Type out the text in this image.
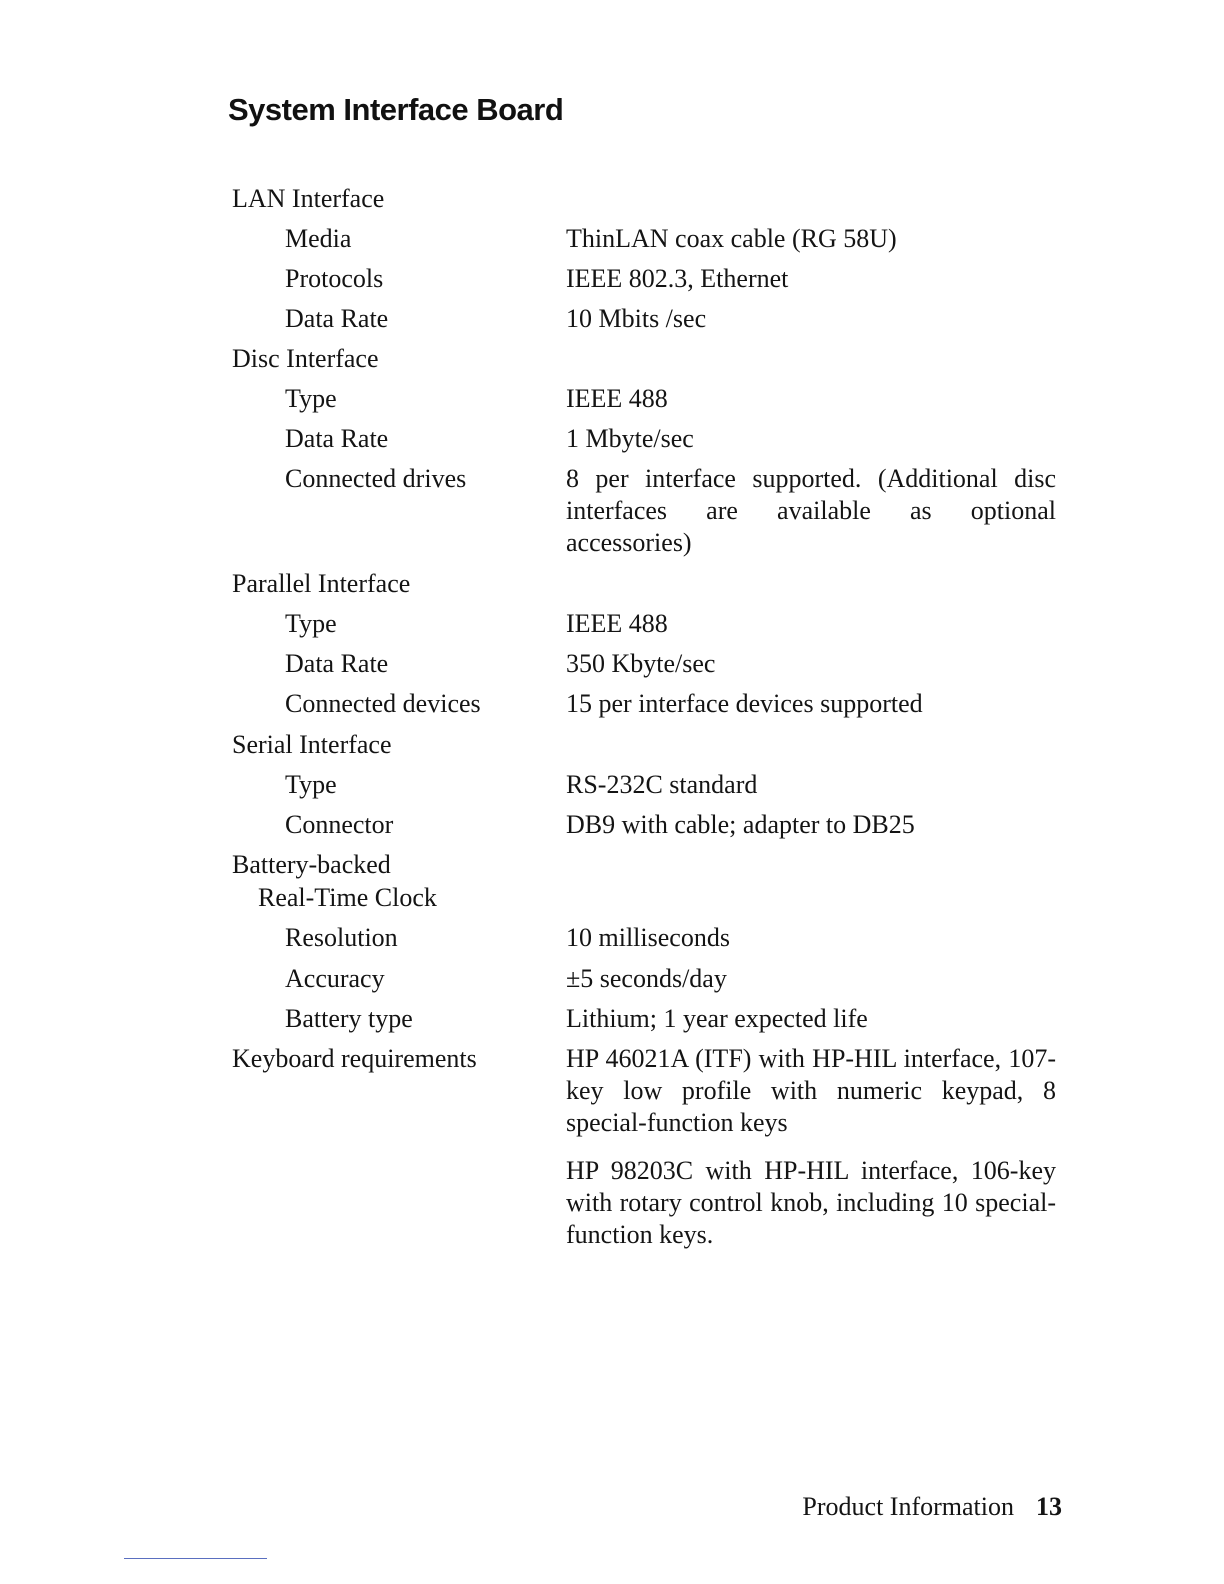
System Interface Board
LAN Interface
Media	ThinLAN coax cable (RG 58U)
Protocols	IEEE 802.3, Ethernet
Data Rate	10 Mbits /sec
Disc Interface
Type	IEEE 488
Data Rate	1 Mbyte/sec
Connected drives	8 per interface supported. (Additional disc interfaces are available as optional accessories)
Parallel Interface
Type	IEEE 488
Data Rate	350 Kbyte/sec
Connected devices	15 per interface devices supported
Serial Interface
Type	RS-232C standard
Connector	DB9 with cable; adapter to DB25
Battery-backed
Real-Time Clock
Resolution	10 milliseconds
Accuracy	±5 seconds/day
Battery type	Lithium; 1 year expected life
Keyboard requirements	HP 46021A (ITF) with HP-HIL interface, 107-key low profile with numeric keypad, 8 special-function keys
HP 98203C with HP-HIL interface, 106-key with rotary control knob, including 10 special-function keys.
Product Information 13
